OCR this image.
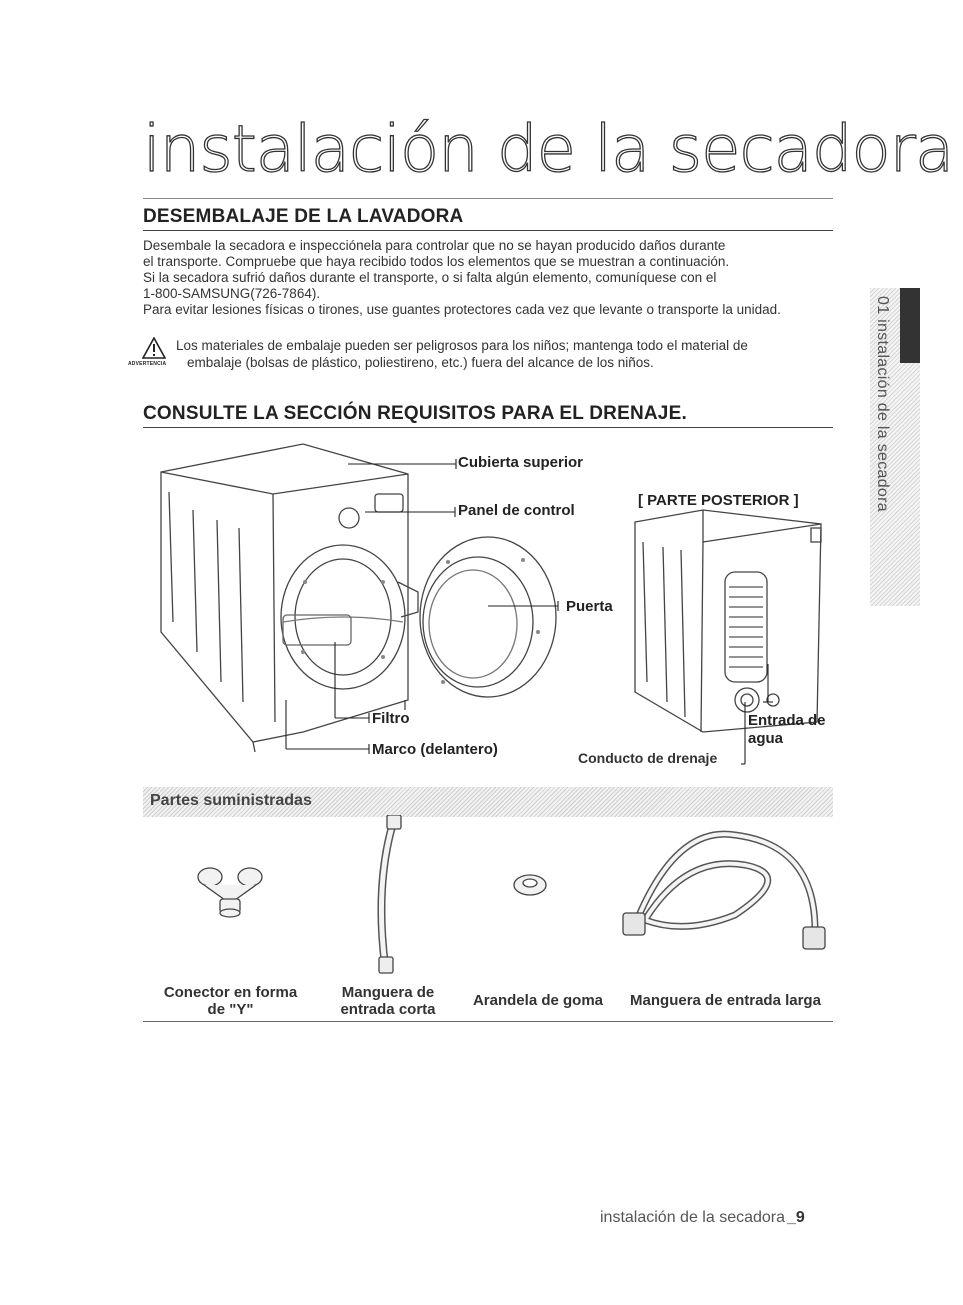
instalación de la secadora
01 instalación de la secadora
DESEMBALAJE DE LA LAVADORA

Desembale la secadora e inspecciónela para controlar que no se hayan producido daños durante

el transporte. Compruebe que haya recibido todos los elementos que se muestran a continuación.

Si la secadora sufrió daños durante el transporte, o si falta algún elemento, comuníquese con el

1-800-SAMSUNG(726-7864).

Para evitar lesiones físicas o tirones, use guantes protectores cada vez que levante o transporte la unidad.

ADVERTENCIA

Los materiales de embalaje pueden ser peligrosos para los niños; mantenga todo el material de

embalaje (bolsas de plástico, poliestireno, etc.) fuera del alcance de los niños.

CONSULTE LA SECCIÓN REQUISITOS PARA EL DRENAJE.
Cubierta superior
Panel de control
Puerta
Filtro
Marco (delantero)
[ PARTE POSTERIOR ]
Entrada de
agua
Conducto de drenaje
Partes suministradas
Conector en forma
de "Y"
Manguera de
entrada corta
Arandela de goma	Manguera de entrada larga
instalación de la secadora _9
